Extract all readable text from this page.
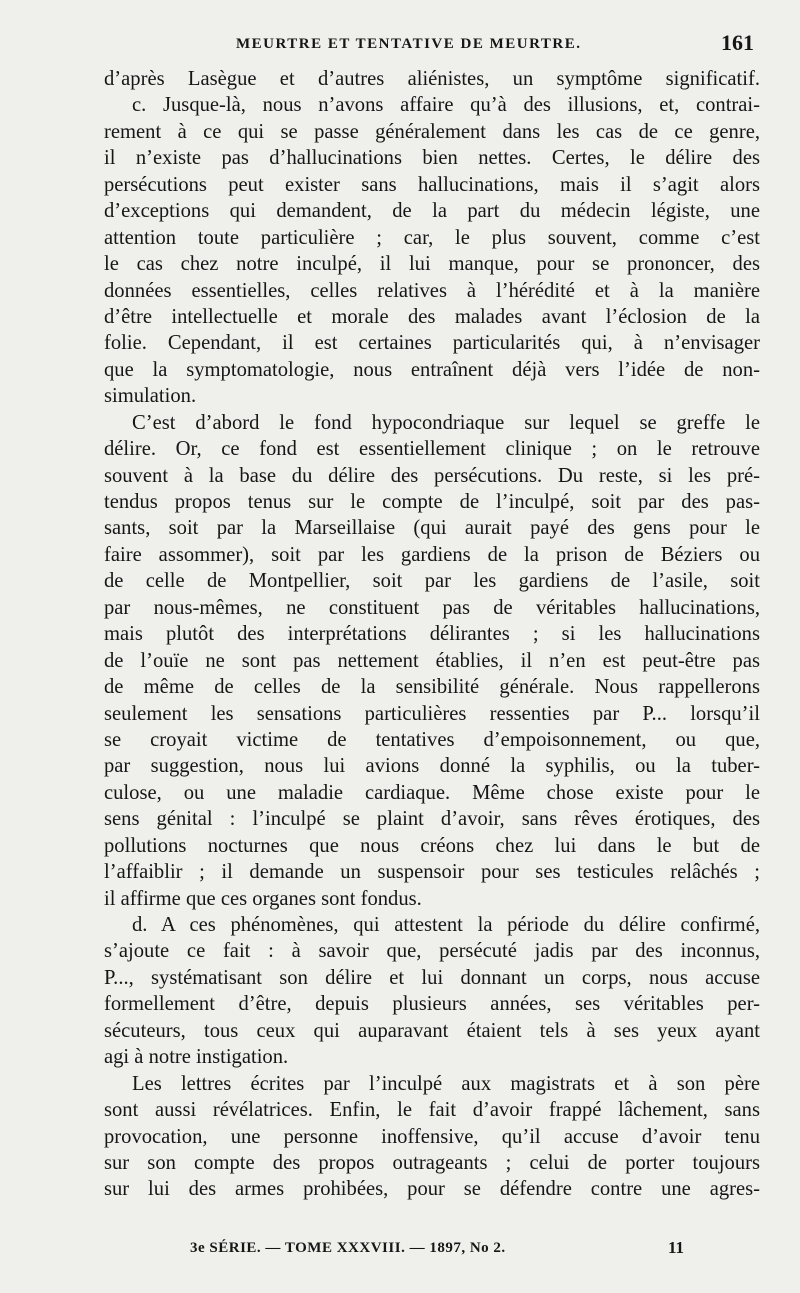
MEURTRE ET TENTATIVE DE MEURTRE.	161
d’après Lasègue et d’autres aliénistes, un symptôme significatif.
c. Jusque-là, nous n’avons affaire qu’à des illusions, et, contrai-
rement à ce qui se passe généralement dans les cas de ce genre,
il n’existe pas d’hallucinations bien nettes. Certes, le délire des
persécutions peut exister sans hallucinations, mais il s’agit alors
d’exceptions qui demandent, de la part du médecin légiste, une
attention toute particulière ; car, le plus souvent, comme c’est
le cas chez notre inculpé, il lui manque, pour se prononcer, des
données essentielles, celles relatives à l’hérédité et à la manière
d’être intellectuelle et morale des malades avant l’éclosion de la
folie. Cependant, il est certaines particularités qui, à n’envisager
que la symptomatologie, nous entraînent déjà vers l’idée de non-
simulation.
C’est d’abord le fond hypocondriaque sur lequel se greffe le
délire. Or, ce fond est essentiellement clinique ; on le retrouve
souvent à la base du délire des persécutions. Du reste, si les pré-
tendus propos tenus sur le compte de l’inculpé, soit par des pas-
sants, soit par la Marseillaise (qui aurait payé des gens pour le
faire assommer), soit par les gardiens de la prison de Béziers ou
de celle de Montpellier, soit par les gardiens de l’asile, soit
par nous-mêmes, ne constituent pas de véritables hallucinations,
mais plutôt des interprétations délirantes ; si les hallucinations
de l’ouïe ne sont pas nettement établies, il n’en est peut-être pas
de même de celles de la sensibilité générale. Nous rappellerons
seulement les sensations particulières ressenties par P... lorsqu’il
se croyait victime de tentatives d’empoisonnement, ou que,
par suggestion, nous lui avions donné la syphilis, ou la tuber-
culose, ou une maladie cardiaque. Même chose existe pour le
sens génital : l’inculpé se plaint d’avoir, sans rêves érotiques, des
pollutions nocturnes que nous créons chez lui dans le but de
l’affaiblir ; il demande un suspensoir pour ses testicules relâchés ;
il affirme que ces organes sont fondus.
d. A ces phénomènes, qui attestent la période du délire confirmé,
s’ajoute ce fait : à savoir que, persécuté jadis par des inconnus,
P..., systématisant son délire et lui donnant un corps, nous accuse
formellement d’être, depuis plusieurs années, ses véritables per-
sécuteurs, tous ceux qui auparavant étaient tels à ses yeux ayant
agi à notre instigation.
Les lettres écrites par l’inculpé aux magistrats et à son père
sont aussi révélatrices. Enfin, le fait d’avoir frappé lâchement, sans
provocation, une personne inoffensive, qu’il accuse d’avoir tenu
sur son compte des propos outrageants ; celui de porter toujours
sur lui des armes prohibées, pour se défendre contre une agres-
3e SÉRIE. — TOME XXXVIII. — 1897, No 2.	11
